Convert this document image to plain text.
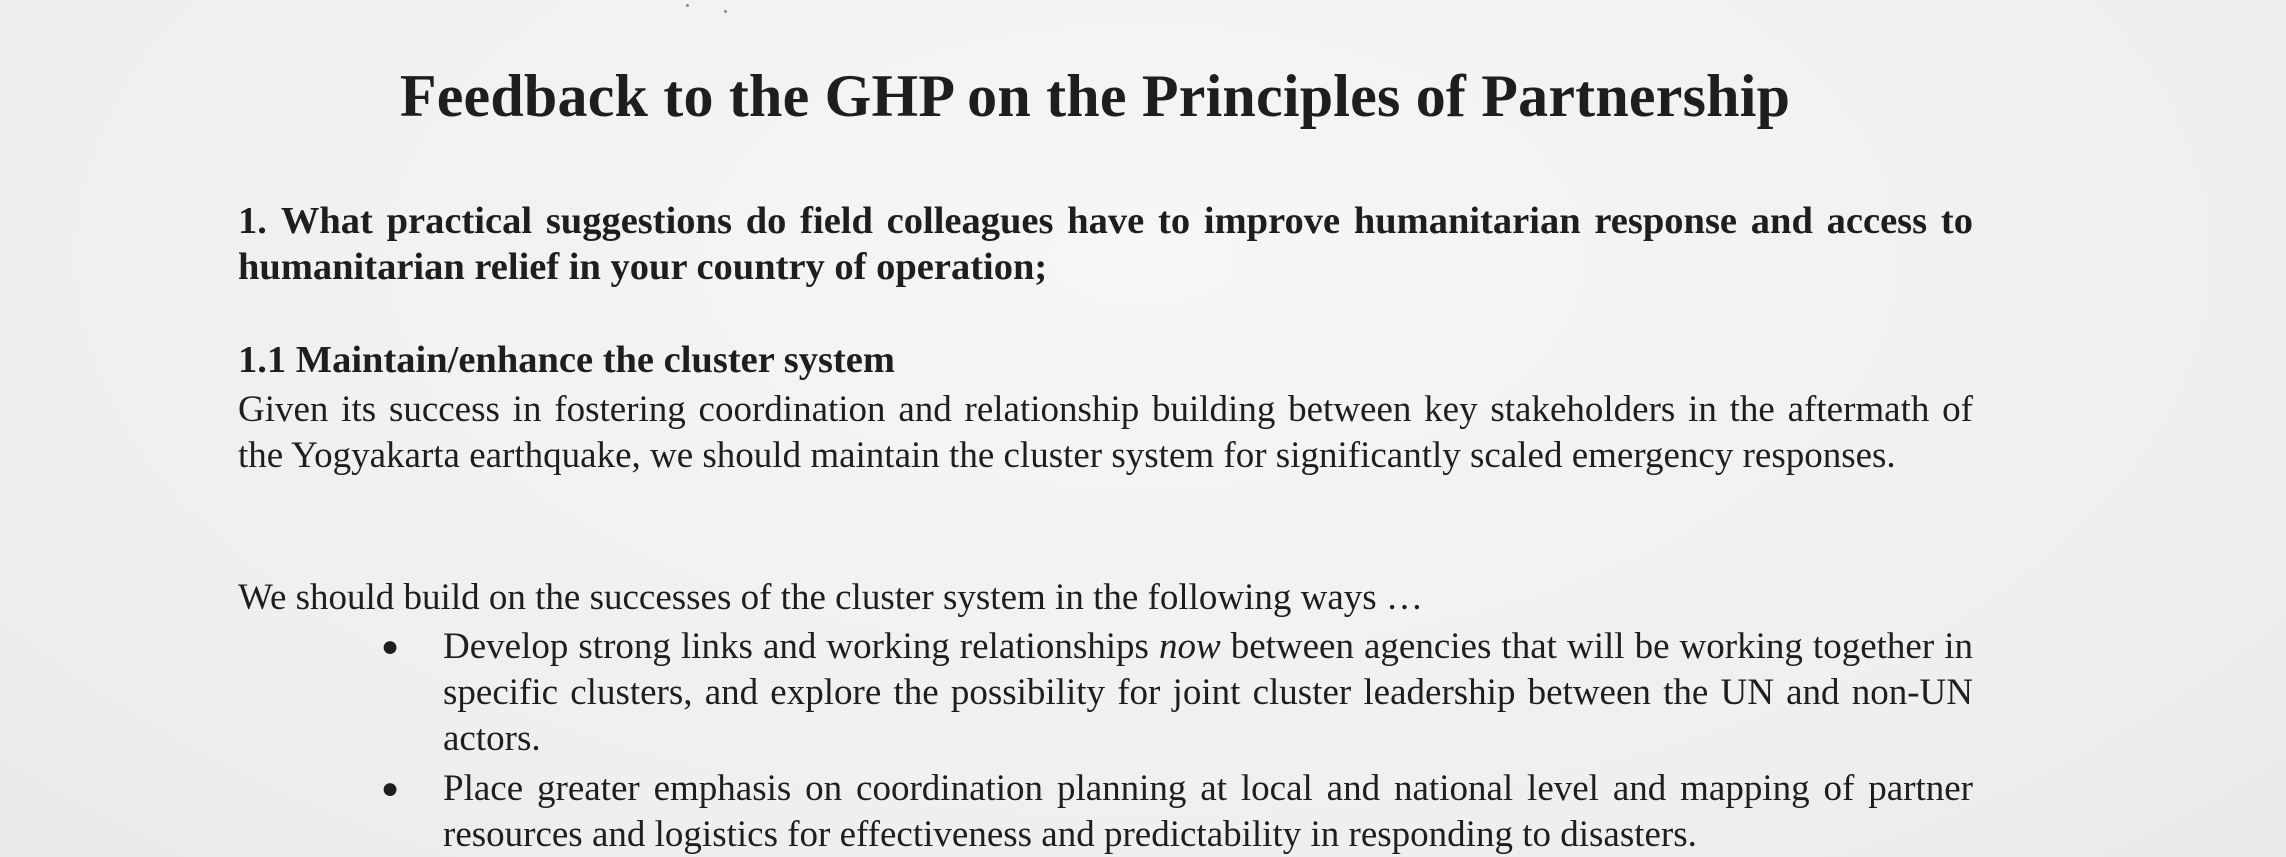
Feedback to the GHP on the Principles of Partnership
1. What practical suggestions do field colleagues have to improve humanitarian response and access to humanitarian relief in your country of operation;
1.1 Maintain/enhance the cluster system
Given its success in fostering coordination and relationship building between key stakeholders in the aftermath of the Yogyakarta earthquake, we should maintain the cluster system for significantly scaled emergency responses.
We should build on the successes of the cluster system in the following ways …
● Develop strong links and working relationships now between agencies that will be working together in specific clusters, and explore the possibility for joint cluster leadership between the UN and non-UN actors.
● Place greater emphasis on coordination planning at local and national level and mapping of partner resources and logistics for effectiveness and predictability in responding to disasters.
